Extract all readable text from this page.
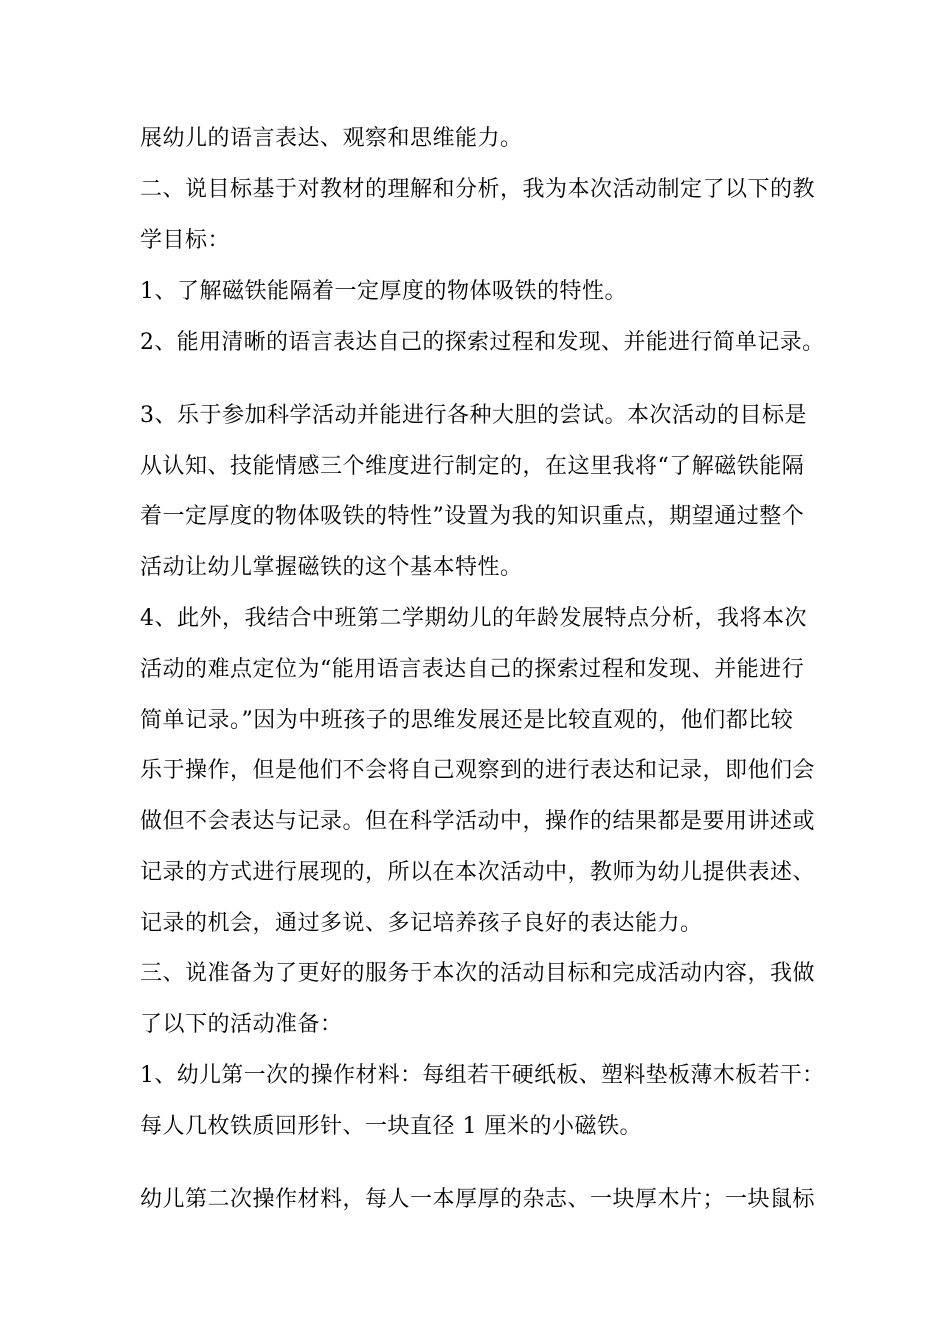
展幼儿的语言表达、观察和思维能力。
二、说目标基于对教材的理解和分析，我为本次活动制定了以下的教
学目标：
1、了解磁铁能隔着一定厚度的物体吸铁的特性。
2、能用清晰的语言表达自己的探索过程和发现、并能进行简单记录。
3、乐于参加科学活动并能进行各种大胆的尝试。本次活动的目标是
从认知、技能情感三个维度进行制定的，在这里我将“了解磁铁能隔
着一定厚度的物体吸铁的特性”设置为我的知识重点，期望通过整个
活动让幼儿掌握磁铁的这个基本特性。
4、此外，我结合中班第二学期幼儿的年龄发展特点分析，我将本次
活动的难点定位为“能用语言表达自己的探索过程和发现、并能进行
简单记录。”因为中班孩子的思维发展还是比较直观的，他们都比较
乐于操作，但是他们不会将自己观察到的进行表达和记录，即他们会
做但不会表达与记录。但在科学活动中，操作的结果都是要用讲述或
记录的方式进行展现的，所以在本次活动中，教师为幼儿提供表述、
记录的机会，通过多说、多记培养孩子良好的表达能力。
三、说准备为了更好的服务于本次的活动目标和完成活动内容，我做
了以下的活动准备：
1、幼儿第一次的操作材料：每组若干硬纸板、塑料垫板薄木板若干：
每人几枚铁质回形针、一块直径 1 厘米的小磁铁。
幼儿第二次操作材料，每人一本厚厚的杂志、一块厚木片；一块鼠标
